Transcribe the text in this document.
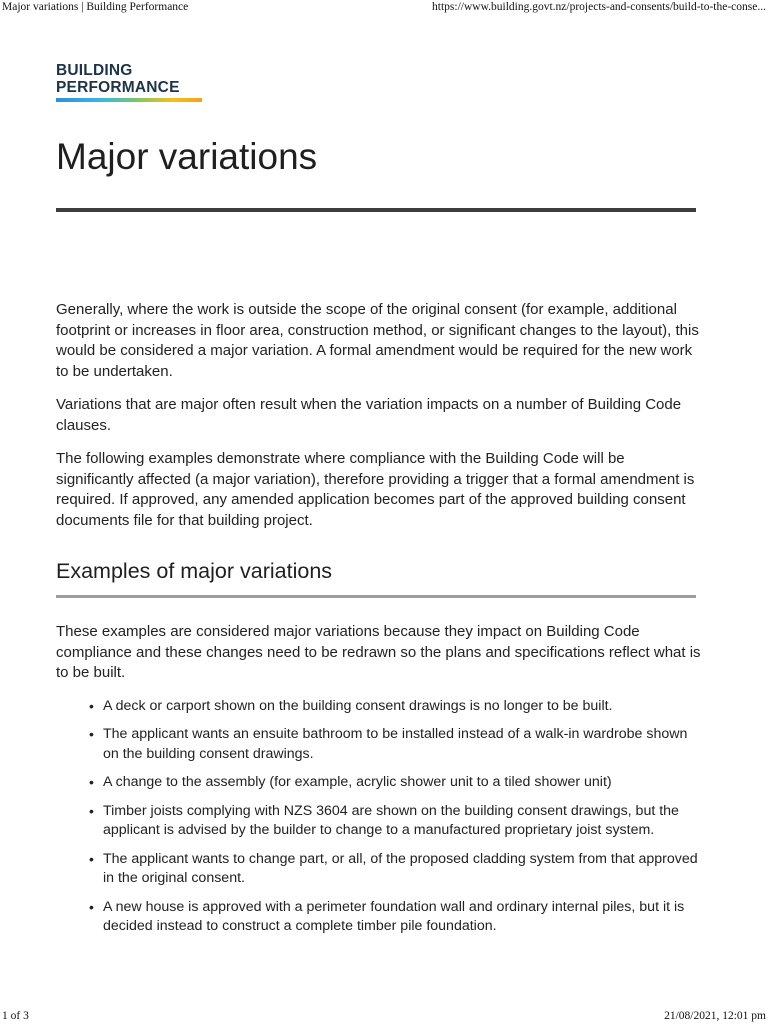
Major variations | Building Performance	https://www.building.govt.nz/projects-and-consents/build-to-the-conse...
BUILDING
PERFORMANCE
Major variations

Generally, where the work is outside the scope of the original consent (for example, additional footprint or increases in floor area, construction method, or significant changes to the layout), this would be considered a major variation. A formal amendment would be required for the new work to be undertaken.

Variations that are major often result when the variation impacts on a number of Building Code clauses.

The following examples demonstrate where compliance with the Building Code will be significantly affected (a major variation), therefore providing a trigger that a formal amendment is required. If approved, any amended application becomes part of the approved building consent documents file for that building project.

Examples of major variations

These examples are considered major variations because they impact on Building Code compliance and these changes need to be redrawn so the plans and specifications reflect what is to be built.

• A deck or carport shown on the building consent drawings is no longer to be built.
• The applicant wants an ensuite bathroom to be installed instead of a walk-in wardrobe shown on the building consent drawings.
• A change to the assembly (for example, acrylic shower unit to a tiled shower unit)
• Timber joists complying with NZS 3604 are shown on the building consent drawings, but the applicant is advised by the builder to change to a manufactured proprietary joist system.
• The applicant wants to change part, or all, of the proposed cladding system from that approved in the original consent.
• A new house is approved with a perimeter foundation wall and ordinary internal piles, but it is decided instead to construct a complete timber pile foundation.
1 of 3	21/08/2021, 12:01 pm
